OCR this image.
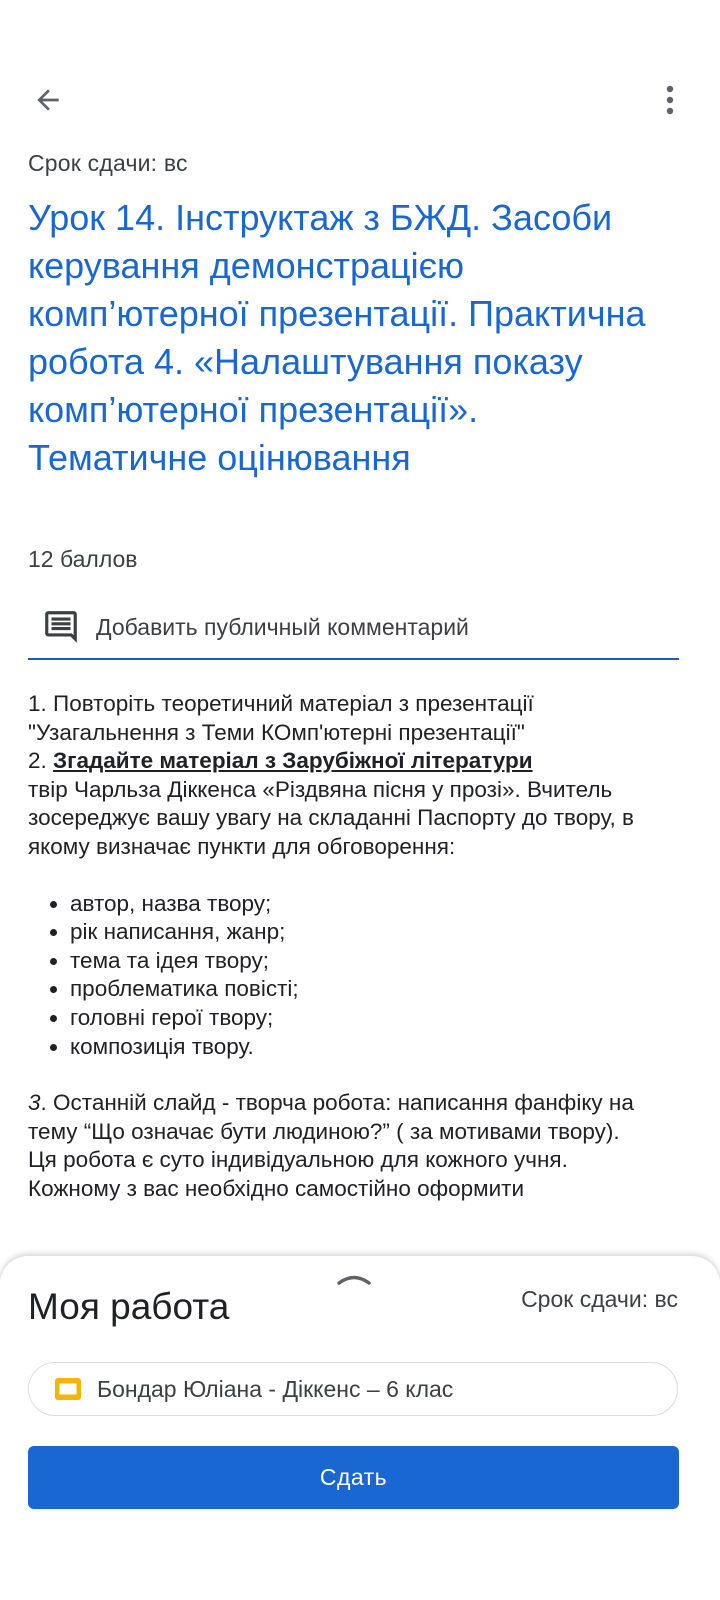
Срок сдачи: вс
Урок 14. Інструктаж з БЖД. Засоби керування демонстрацією комп’ютерної презентації. Практична робота 4. «Налаштування показу комп’ютерної презентації». Тематичне оцінювання
12 баллов
Добавить публичный комментарий

1. Повторіть теоретичний матеріал з презентації

"Узагальнення з Теми КОмп'ютерні презентації"

2. Згадайте матеріал з Зарубіжної літератури
твір Чарльза Діккенса «Різдвяна пісня у прозі». Вчитель зосереджує вашу увагу на складанні Паспорту до твору, в якому визначає пункти для обговорення:

• автор, назва твору;
• рік написання, жанр;
• тема та ідея твору;
• проблематика повісті;
• головні герої твору;
• композиція твору.

3. Останній слайд - творча робота: написання фанфіку на тему “Що означає бути людиною?” ( за мотивами твору).

Ця робота є суто індивідуальною для кожного учня.

Кожному з вас необхідно самостійно оформити

Моя работа	Срок сдачи: вс
Бондар Юліана - Діккенс – 6 клас
Сдать
